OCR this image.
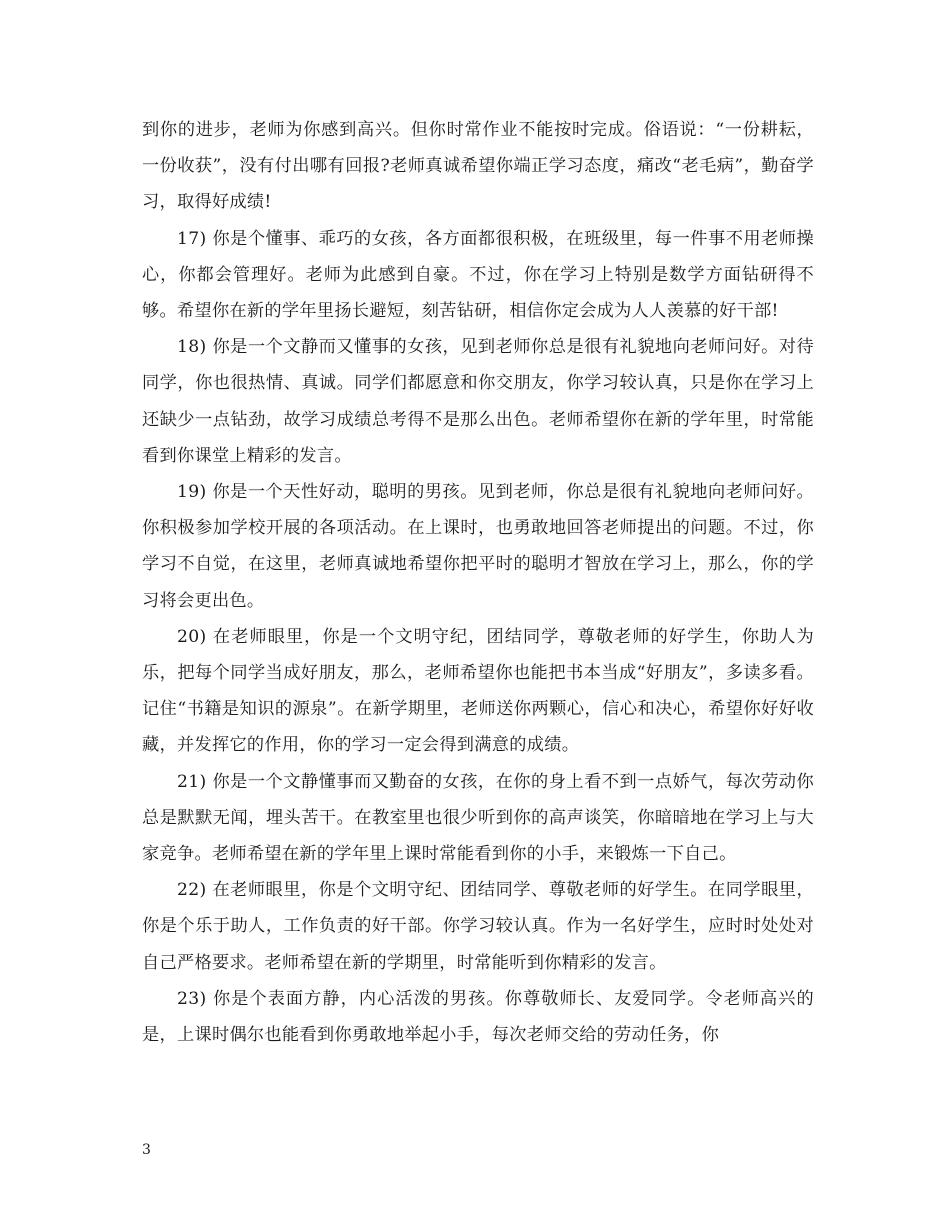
到你的进步，老师为你感到高兴。但你时常作业不能按时完成。俗语说：“一份耕耘，一份收获”，没有付出哪有回报?老师真诚希望你端正学习态度，痛改“老毛病”，勤奋学习，取得好成绩!

17) 你是个懂事、乖巧的女孩，各方面都很积极，在班级里，每一件事不用老师操心，你都会管理好。老师为此感到自豪。不过，你在学习上特别是数学方面钻研得不够。希望你在新的学年里扬长避短，刻苦钻研，相信你定会成为人人羡慕的好干部!

18) 你是一个文静而又懂事的女孩，见到老师你总是很有礼貌地向老师问好。对待同学，你也很热情、真诚。同学们都愿意和你交朋友，你学习较认真，只是你在学习上还缺少一点钻劲，故学习成绩总考得不是那么出色。老师希望你在新的学年里，时常能看到你课堂上精彩的发言。

19) 你是一个天性好动，聪明的男孩。见到老师，你总是很有礼貌地向老师问好。你积极参加学校开展的各项活动。在上课时，也勇敢地回答老师提出的问题。不过，你学习不自觉，在这里，老师真诚地希望你把平时的聪明才智放在学习上，那么，你的学习将会更出色。

20) 在老师眼里，你是一个文明守纪，团结同学，尊敬老师的好学生，你助人为乐，把每个同学当成好朋友，那么，老师希望你也能把书本当成“好朋友”，多读多看。记住“书籍是知识的源泉”。在新学期里，老师送你两颗心，信心和决心，希望你好好收藏，并发挥它的作用，你的学习一定会得到满意的成绩。

21) 你是一个文静懂事而又勤奋的女孩，在你的身上看不到一点娇气，每次劳动你总是默默无闻，埋头苦干。在教室里也很少听到你的高声谈笑，你暗暗地在学习上与大家竞争。老师希望在新的学年里上课时常能看到你的小手，来锻炼一下自己。

22) 在老师眼里，你是个文明守纪、团结同学、尊敬老师的好学生。在同学眼里，你是个乐于助人，工作负责的好干部。你学习较认真。作为一名好学生，应时时处处对自己严格要求。老师希望在新的学期里，时常能听到你精彩的发言。

23) 你是个表面方静，内心活泼的男孩。你尊敬师长、友爱同学。令老师高兴的是，上课时偶尔也能看到你勇敢地举起小手，每次老师交给的劳动任务，你

3
